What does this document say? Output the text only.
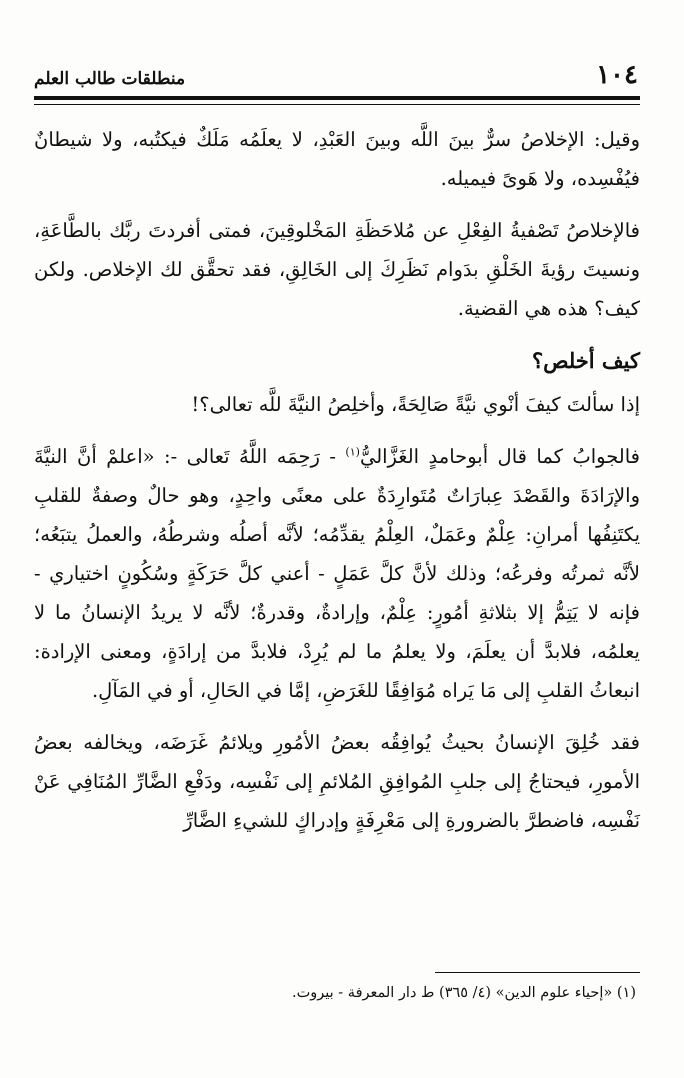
١٠٤
منطلقات طالب العلم

وقيل: الإخلاصُ سرٌّ بينَ اللَّه وبينَ العَبْدِ، لا يعلَمُه مَلَكٌ فيكتُبه، ولا شيطانٌ فيُفْسِده، ولا هَوىً فيميله.

فالإخلاصُ تَصْفيةُ الفِعْلِ عن مُلاحَظَةِ المَخْلوقِينَ، فمتى أفردتَ ربَّك بالطَّاعَةِ، ونسيتَ رؤيةَ الخَلْقِ بدَوام نَظَرِكَ إلى الخَالِقِ، فقد تحقَّق لك الإخلاص. ولكن كيف؟ هذه هي القضية.

كيف أخلص؟

إذا سألتَ كيفَ أنْوي نيَّةً صَالِحَةً، وأخلِصُ النيَّةَ للَّه تعالى؟!

فالجوابُ كما قال أبوحامدٍ الغَزَّاليُّ$^{(١)}$ - رَحِمَه اللَّهُ تَعالى -: «اعلمْ أنَّ النيَّةَ والإرَادَةَ والقَصْدَ عِبارَاتٌ مُتَوارِدَةٌ على معنًى واحِدٍ، وهو حالٌ وصفةٌ للقلبِ يكتَنِفُها أمرانِ: عِلْمٌ وعَمَلٌ، العِلْمُ يقدِّمُه؛ لأنَّه أصلُه وشرطُهُ، والعملُ يتبَعُه؛ لأنَّه ثمرتُه وفرعُه؛ وذلك لأنَّ كلَّ عَمَلٍ - أعني كلَّ حَرَكَةٍ وسُكُونٍ اختياري - فإنه لا يَتِمُّ إلا بثلاثةِ أمُورٍ: عِلْمٌ، وإرادةٌ، وقدرةٌ؛ لأنَّه لا يريدُ الإنسانُ ما لا يعلمُه، فلابدَّ أن يعلَمَ، ولا يعلمُ ما لم يُرِدْ، فلابدَّ من إرادَةٍ، ومعنى الإرادة: انبعاثُ القلبِ إلى مَا يَراه مُوَافِقًا للغَرَضِ، إمَّا في الحَالِ، أو في المَآلِ.

فقد خُلِقَ الإنسانُ بحيثُ يُوافِقُه بعضُ الأمُورِ ويلائمُ غَرَضَه، ويخالفه بعضُ الأمورِ، فيحتاجُ إلى جلبِ المُوافِقِ المُلائمِ إلى نَفْسِه، ودَفْعِ الضَّارِّ المُنَافِي عَنْ نَفْسِه، فاضطرَّ بالضرورةِ إلى مَعْرِفَةٍ وإدراكٍ للشيءِ الضَّارِّ

(١) «إحياء علوم الدين» (٤/ ٣٦٥) ط دار المعرفة - بيروت.
